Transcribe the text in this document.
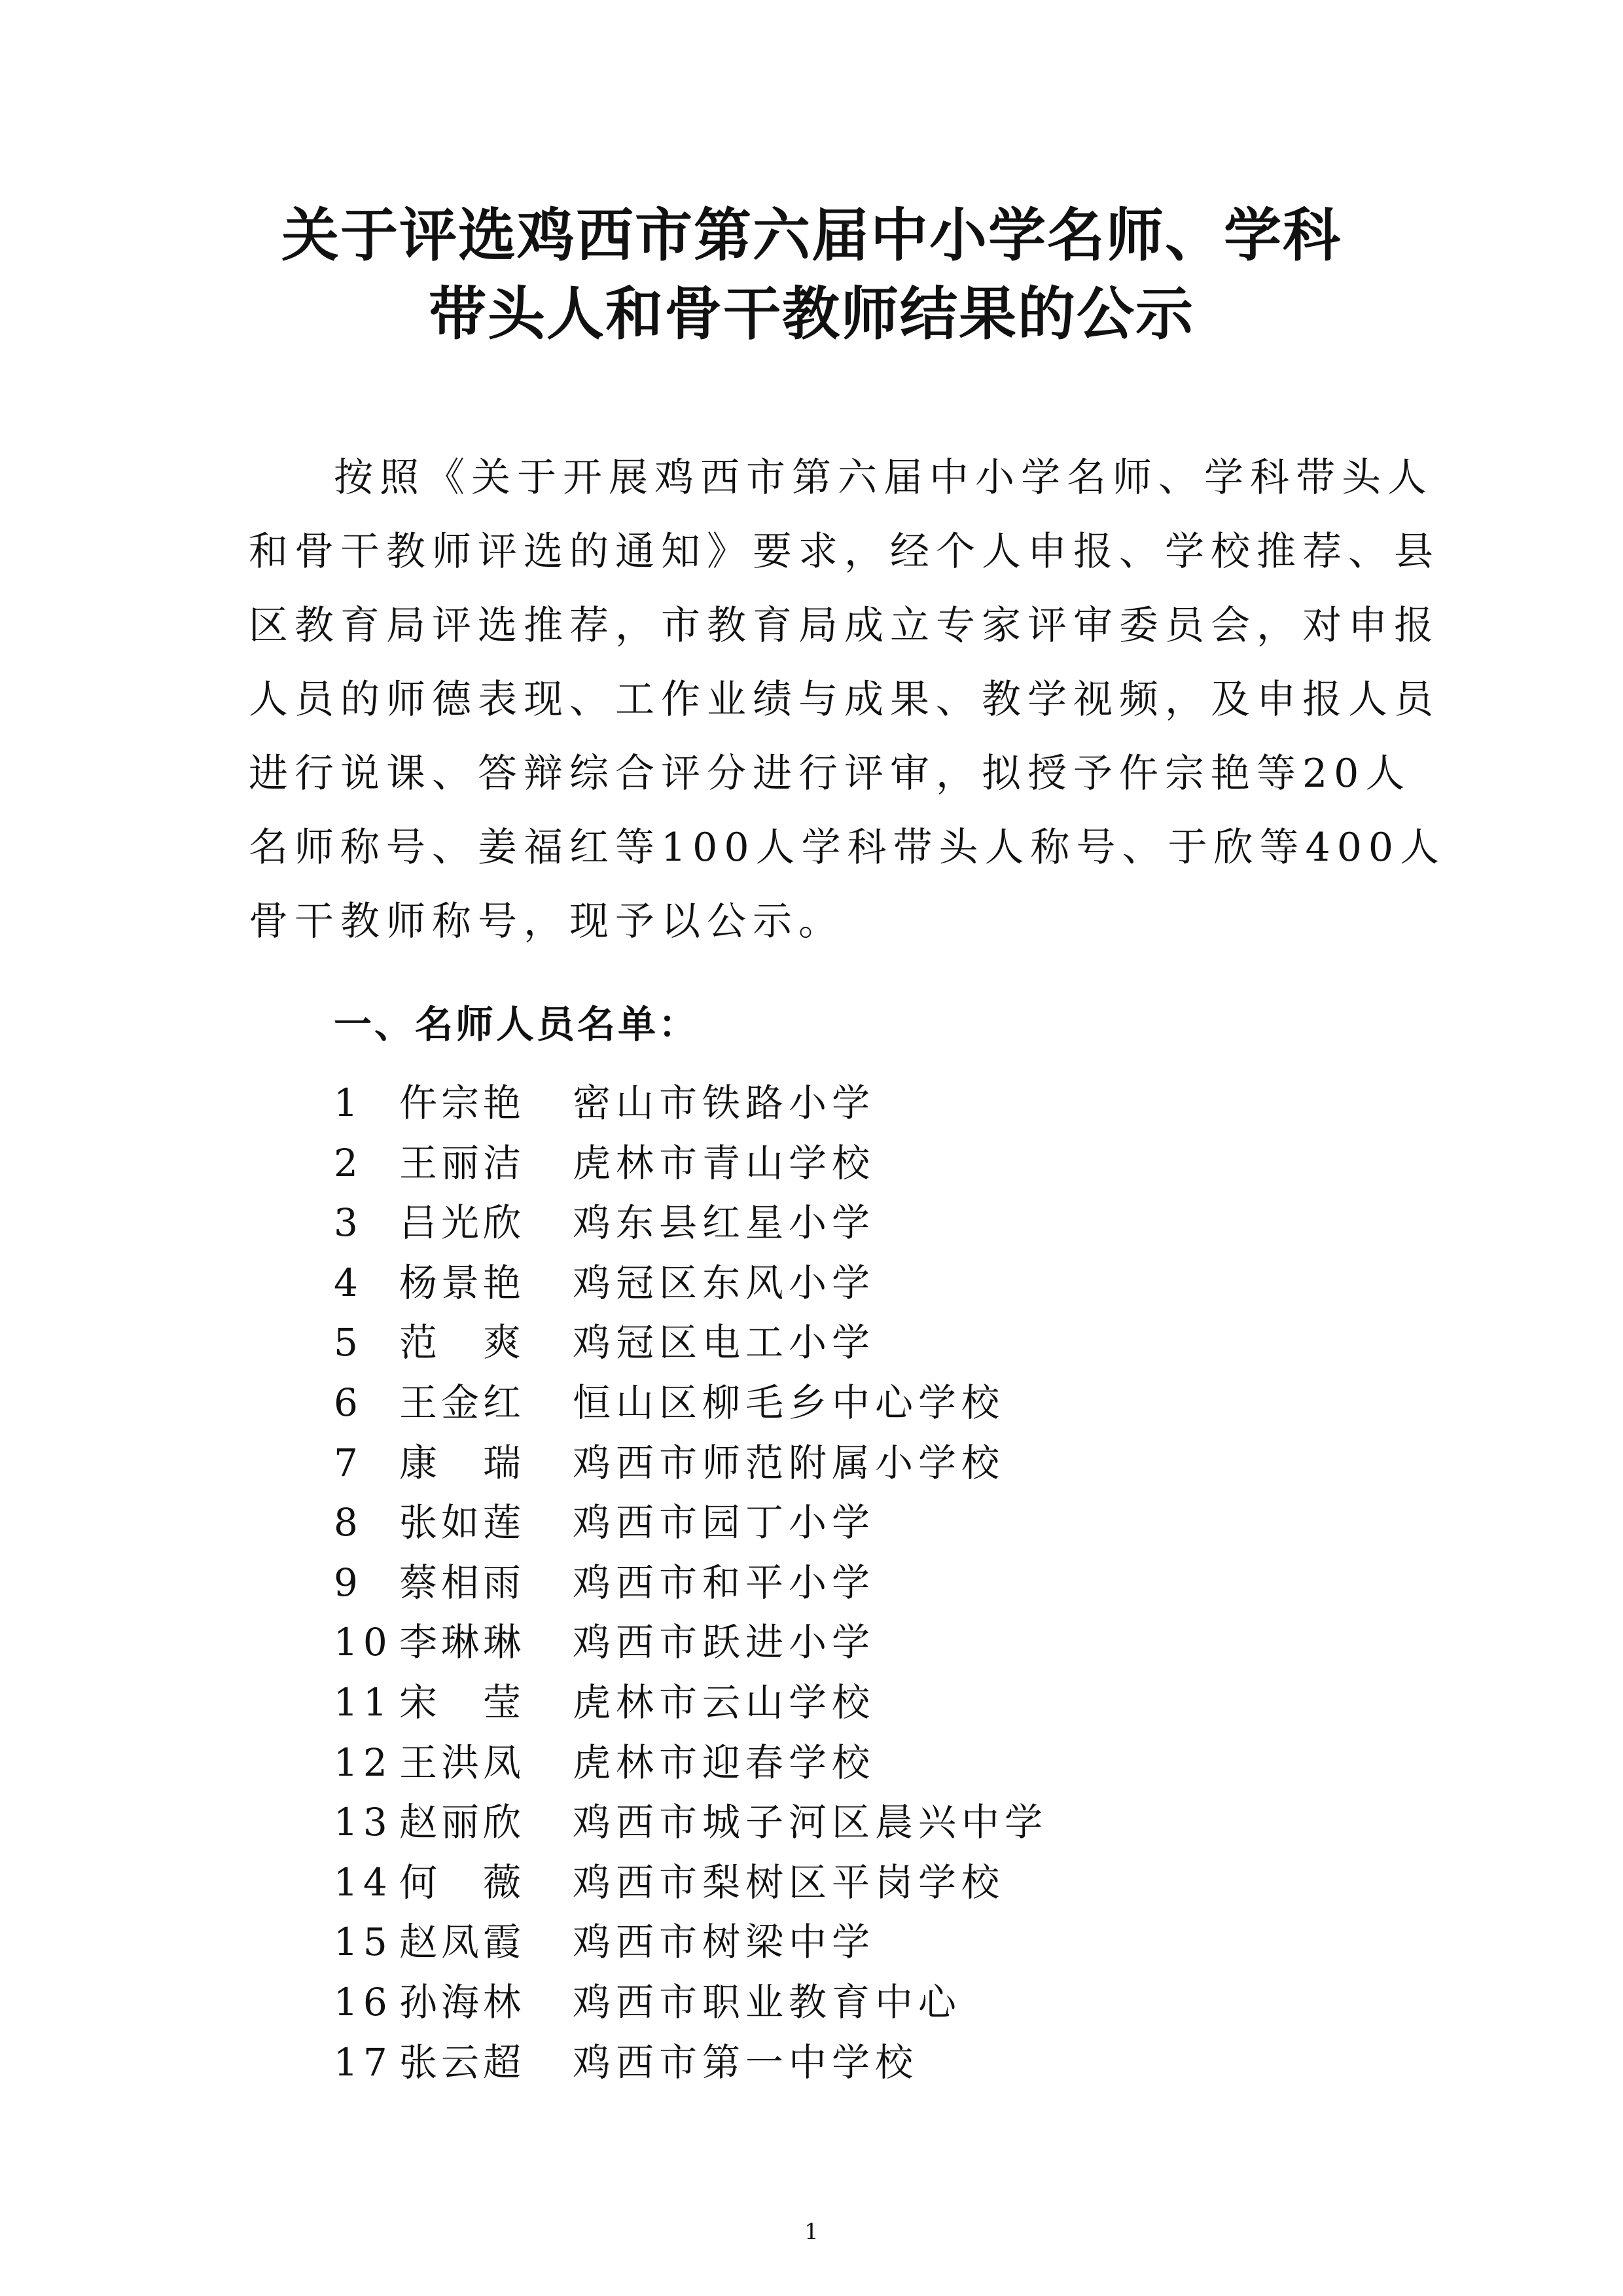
关于评选鸡西市第六届中小学名师、学科
带头人和骨干教师结果的公示
按照《关于开展鸡西市第六届中小学名师、学科带头人
和骨干教师评选的通知》要求，经个人申报、学校推荐、县
区教育局评选推荐，市教育局成立专家评审委员会，对申报
人员的师德表现、工作业绩与成果、教学视频，及申报人员
进行说课、答辩综合评分进行评审，拟授予仵宗艳等20人
名师称号、姜福红等100人学科带头人称号、于欣等400人
骨干教师称号，现予以公示。
一、名师人员名单：
1 仵宗艳 密山市铁路小学
2 王丽洁 虎林市青山学校
3 吕光欣 鸡东县红星小学
4 杨景艳 鸡冠区东风小学
5 范　爽 鸡冠区电工小学
6 王金红 恒山区柳毛乡中心学校
7 康　瑞 鸡西市师范附属小学校
8 张如莲 鸡西市园丁小学
9 蔡相雨 鸡西市和平小学
10 李琳琳 鸡西市跃进小学
11 宋　莹 虎林市云山学校
12 王洪凤 虎林市迎春学校
13 赵丽欣 鸡西市城子河区晨兴中学
14 何　薇 鸡西市梨树区平岗学校
15 赵凤霞 鸡西市树梁中学
16 孙海林 鸡西市职业教育中心
17 张云超 鸡西市第一中学校
1
